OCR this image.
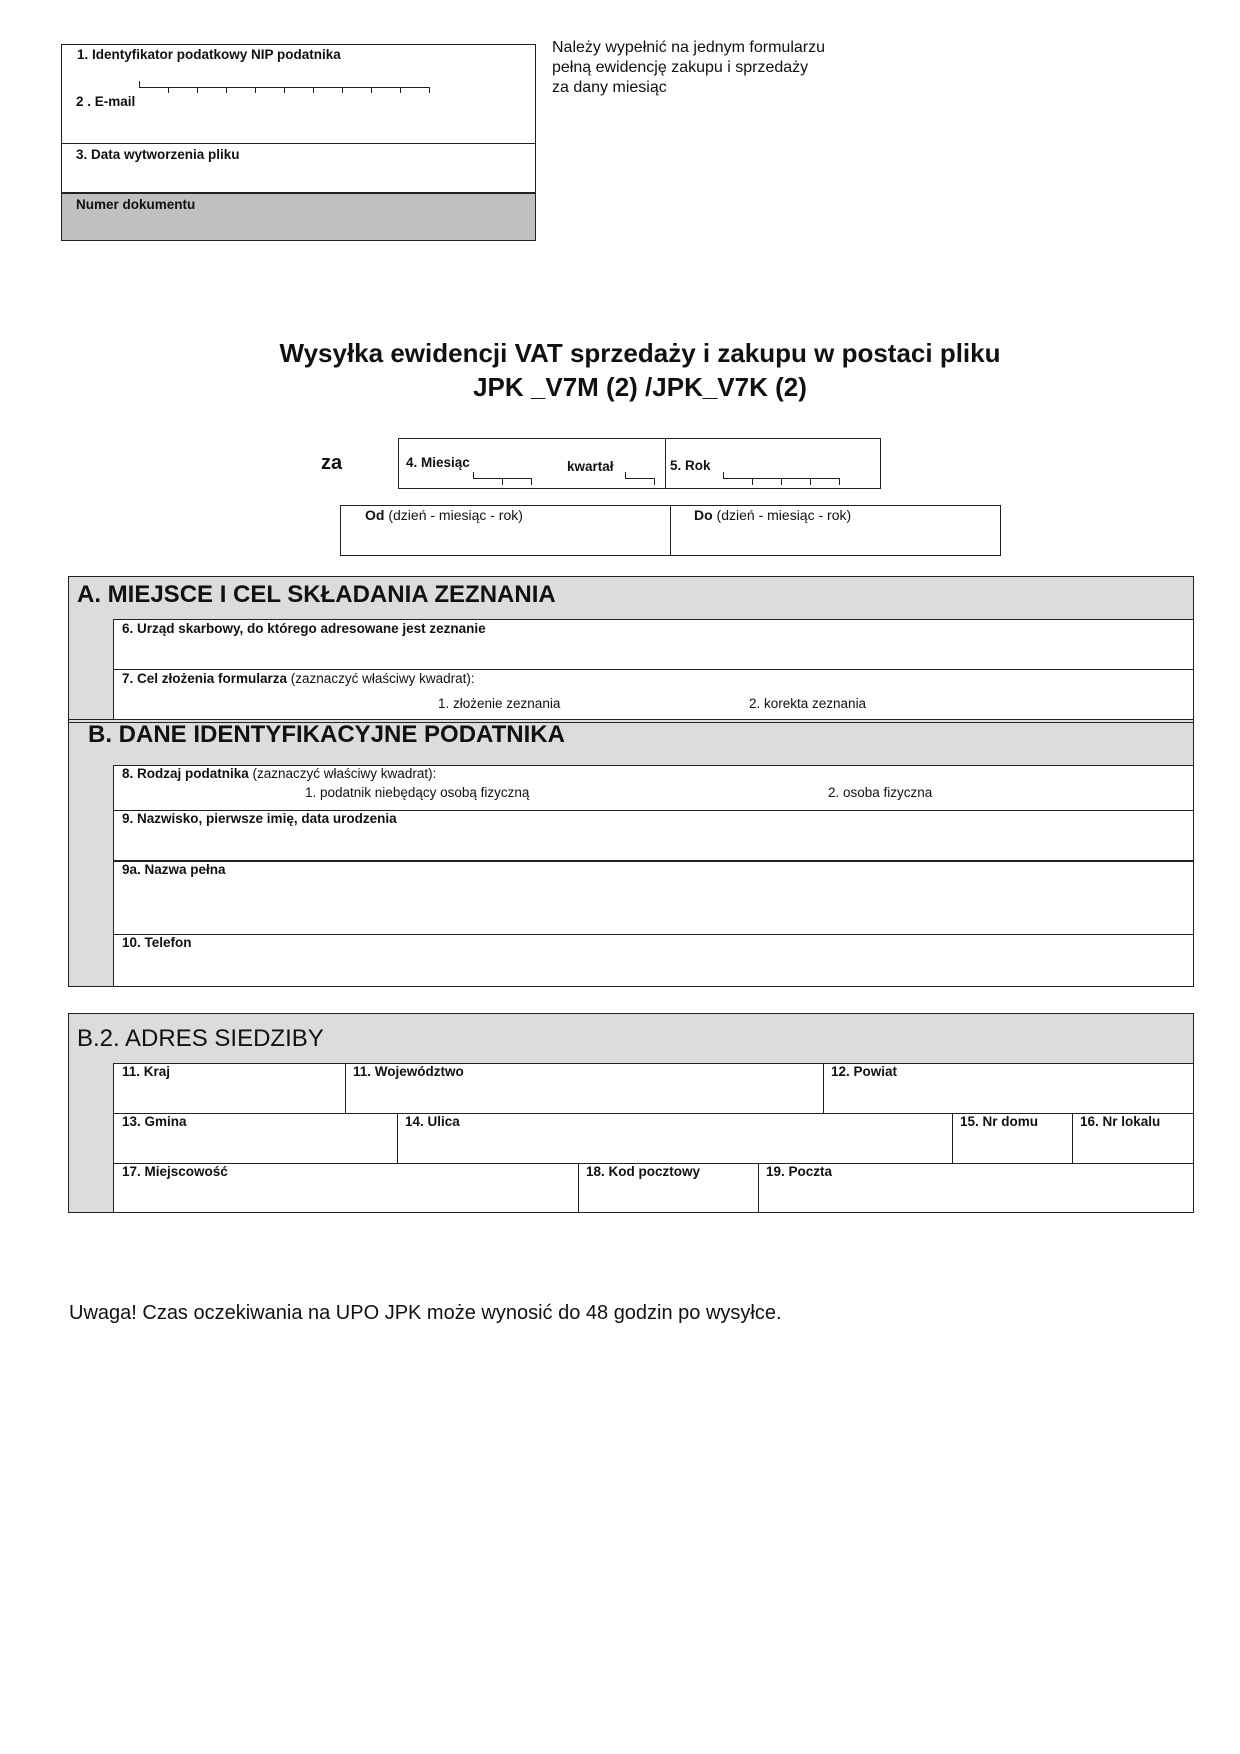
1. Identyfikator podatkowy NIP podatnika
2 . E-mail
3. Data wytworzenia pliku
Numer dokumentu
Należy wypełnić na jednym formularzu
pełną ewidencję zakupu i sprzedaży
za dany miesiąc
Wysyłka ewidencji VAT sprzedaży i zakupu w postaci pliku
JPK _V7M (2) /JPK_V7K (2)
za	4. Miesiąc	kwartał	5. Rok
Od (dzień - miesiąc - rok)	Do (dzień - miesiąc - rok)
A. MIEJSCE I CEL SKŁADANIA ZEZNANIA
6. Urząd skarbowy, do którego adresowane jest zeznanie
7. Cel złożenia formularza (zaznaczyć właściwy kwadrat):
1. złożenie zeznania	2. korekta zeznania
B. DANE IDENTYFIKACYJNE PODATNIKA
8. Rodzaj podatnika (zaznaczyć właściwy kwadrat):
1. podatnik niebędący osobą fizyczną	2. osoba fizyczna
9. Nazwisko, pierwsze imię, data urodzenia
9a. Nazwa pełna
10. Telefon
B.2. ADRES SIEDZIBY
11. Kraj	11. Województwo	12. Powiat
13. Gmina	14. Ulica	15. Nr domu	16. Nr lokalu
17. Miejscowość	18. Kod pocztowy	19. Poczta
Uwaga! Czas oczekiwania na UPO JPK może wynosić do 48 godzin po wysyłce.
